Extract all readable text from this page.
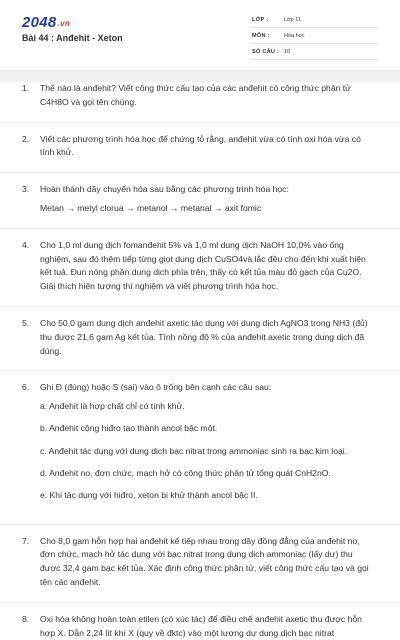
2048.vn
Bài 44 : Anđehit - Xeton
LỚP :	Lớp 11
MÔN :	Hóa học
SỐ CÂU : 10
1. Thế nào là anđehit? Viết công thức cấu tạo của các anđehit có công thức phân tử C4H8O và gọi tên chúng.
2. Viết các phương trình hóa học để chứng tỏ rằng, anđehit vừa có tính oxi hóa vừa có tính khử.
3. Hoàn thành dãy chuyển hóa sau bằng các phương trình hóa học:
Metan → metyl clorua → metanol → metanal → axit fomic
4. Cho 1,0 ml dung dịch fomanđehit 5% và 1,0 ml dung dịch NaOH 10,0% vào ống nghiệm, sau đó thêm tiếp từng giọt dung dịch CuSO4và lắc đều cho đến khi xuất hiện kết tuả. Đun nóng phần dung dịch phía trên, thấy có kết tủa màu đỏ gạch của Cu2O. Giải thích hiện tượng thí nghiệm và viết phương trình hóa học.
5. Cho 50,0 gam dung dịch anđehit axetic tác dụng với dung dịch AgNO3 trong NH3 (đủ) thu được 21,6 gam Ag kết tủa. Tính nồng độ % của anđehit axetic trong dung dịch đã dùng.
6. Ghi Đ (đúng) hoặc S (sai) vào ô trống bên cạnh các câu sau:
a. Anđehit là hợp chất chỉ có tính khử.
b. Anđehit cộng hiđro tạo thành ancol bậc một.
c. Anđehit tác dụng với dung dịch bạc nitrat trong ammoniac sinh ra bạc kim loại.
d. Anđehit no, đơn chức, mạch hở có công thức phân tử tổng quát CnH2nO.
e. Khi tác dụng với hiđro, xeton bị khử thành ancol bậc II.
7. Cho 8,0 gam hỗn hợp hai anđehit kế tiếp nhau trong dãy đồng đẳng của anđehit no, đơn chức, mạch hở tác dụng với bạc nitrat trong dung dịch ammoniac (lấy dư) thu được 32,4 gam bạc kết tủa. Xác định công thức phân tử, viết công thức cấu tạo và gọi tên các anđehit.
8. Oxi hóa không hoàn toàn etilen (có xúc tác) để điều chế anđehit axetic thu được hỗn hợp X. Dẫn 2,24 lít khí X (quy về đktc) vào một lượng dư dung dịch bạc nitrat
